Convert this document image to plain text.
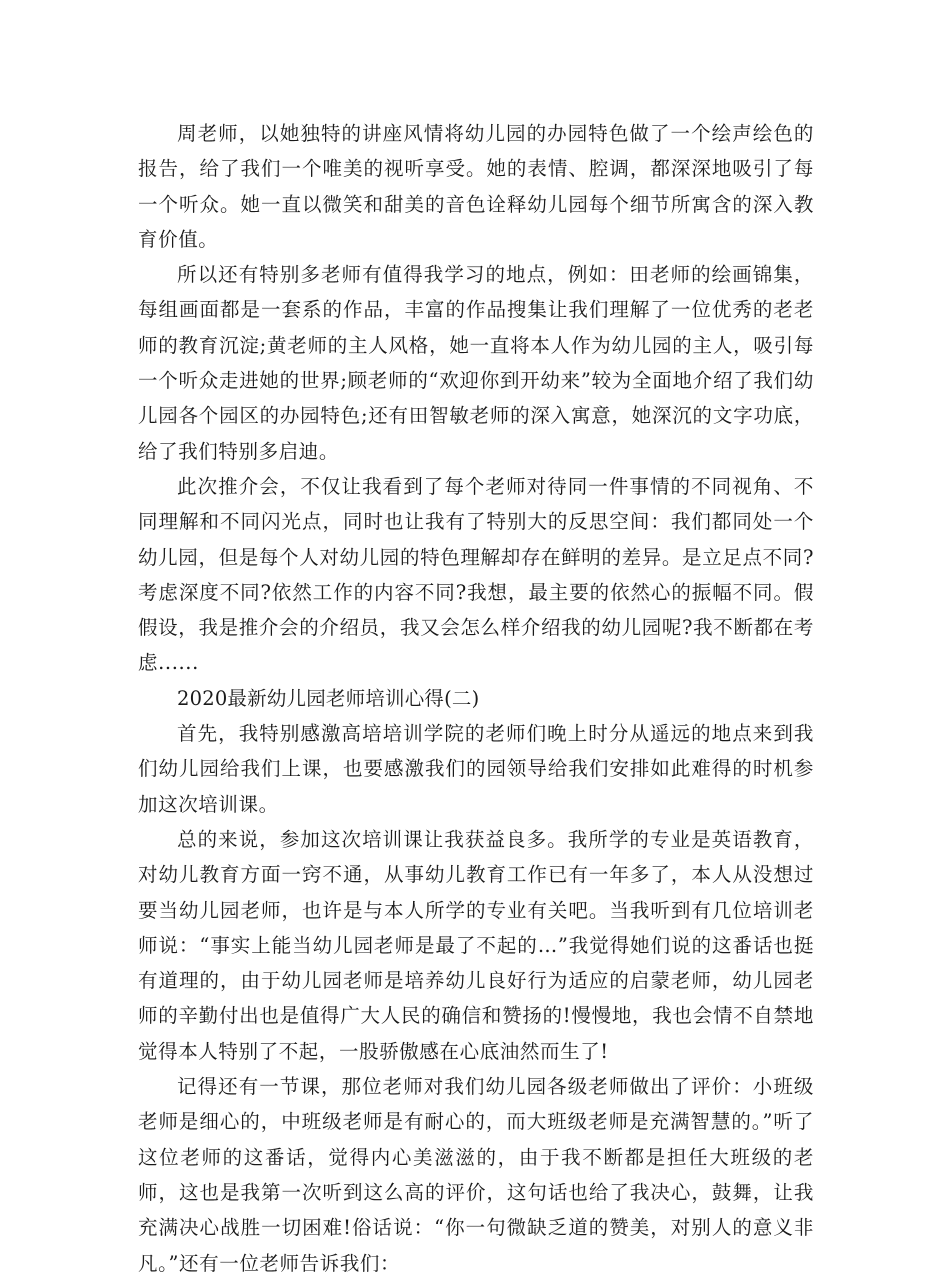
周老师，以她独特的讲座风情将幼儿园的办园特色做了一个绘声绘色的报告，给了我们一个唯美的视听享受。她的表情、腔调，都深深地吸引了每一个听众。她一直以微笑和甜美的音色诠释幼儿园每个细节所寓含的深入教育价值。

所以还有特别多老师有值得我学习的地点，例如：田老师的绘画锦集，每组画面都是一套系的作品，丰富的作品搜集让我们理解了一位优秀的老老师的教育沉淀;黄老师的主人风格，她一直将本人作为幼儿园的主人，吸引每一个听众走进她的世界;顾老师的“欢迎你到开幼来”较为全面地介绍了我们幼儿园各个园区的办园特色;还有田智敏老师的深入寓意，她深沉的文字功底，给了我们特别多启迪。

此次推介会，不仅让我看到了每个老师对待同一件事情的不同视角、不同理解和不同闪光点，同时也让我有了特别大的反思空间：我们都同处一个幼儿园，但是每个人对幼儿园的特色理解却存在鲜明的差异。是立足点不同?考虑深度不同?依然工作的内容不同?我想，最主要的依然心的振幅不同。假假设，我是推介会的介绍员，我又会怎么样介绍我的幼儿园呢?我不断都在考虑......

2020最新幼儿园老师培训心得(二)

首先，我特别感激高培培训学院的老师们晚上时分从遥远的地点来到我们幼儿园给我们上课，也要感激我们的园领导给我们安排如此难得的时机参加这次培训课。

总的来说，参加这次培训课让我获益良多。我所学的专业是英语教育，对幼儿教育方面一窍不通，从事幼儿教育工作已有一年多了，本人从没想过要当幼儿园老师，也许是与本人所学的专业有关吧。当我听到有几位培训老师说：“事实上能当幼儿园老师是最了不起的…”我觉得她们说的这番话也挺有道理的，由于幼儿园老师是培养幼儿良好行为适应的启蒙老师，幼儿园老师的辛勤付出也是值得广大人民的确信和赞扬的!慢慢地，我也会情不自禁地觉得本人特别了不起，一股骄傲感在心底油然而生了!

记得还有一节课，那位老师对我们幼儿园各级老师做出了评价：小班级老师是细心的，中班级老师是有耐心的，而大班级老师是充满智慧的。”听了这位老师的这番话，觉得内心美滋滋的，由于我不断都是担任大班级的老师，这也是我第一次听到这么高的评价，这句话也给了我决心，鼓舞，让我充满决心战胜一切困难!俗话说：“你一句微缺乏道的赞美，对别人的意义非凡。”还有一位老师告诉我们：
